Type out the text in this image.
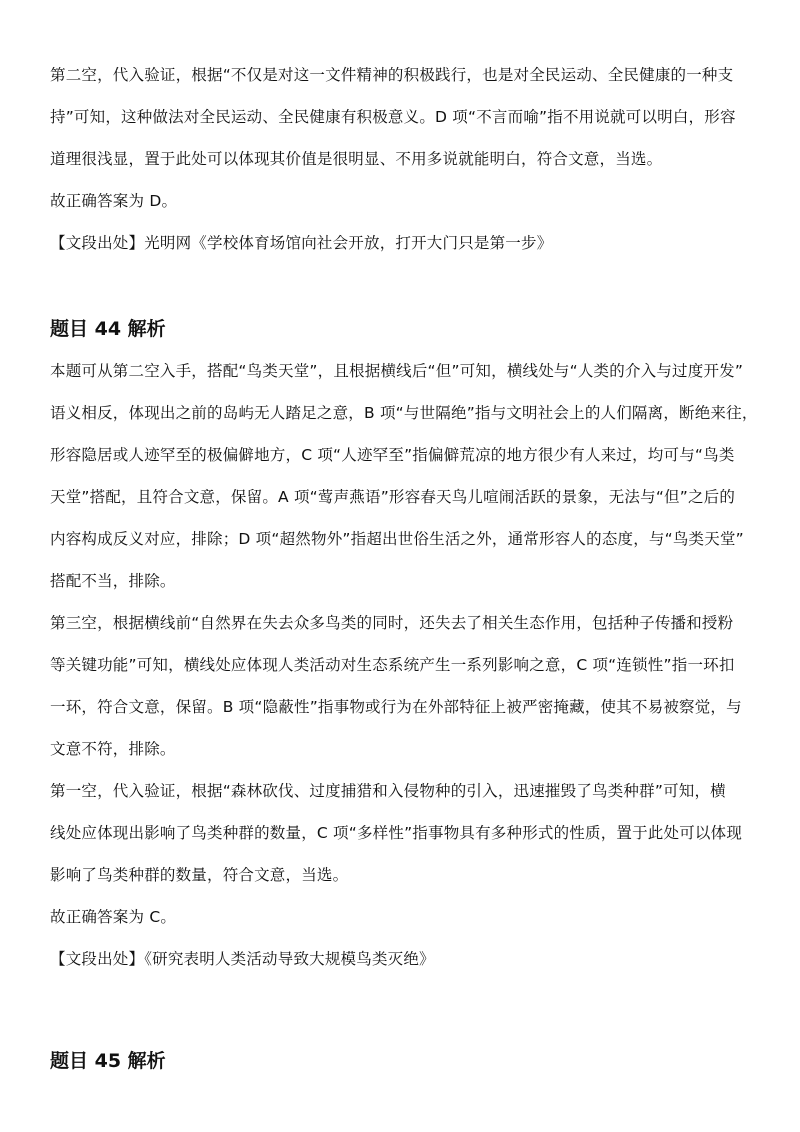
第二空，代入验证，根据“不仅是对这一文件精神的积极践行，也是对全民运动、全民健康的一种支
持”可知，这种做法对全民运动、全民健康有积极意义。D 项“不言而喻”指不用说就可以明白，形容
道理很浅显，置于此处可以体现其价值是很明显、不用多说就能明白，符合文意，当选。

故正确答案为 D。

【文段出处】光明网《学校体育场馆向社会开放，打开大门只是第一步》

题目 44 解析

本题可从第二空入手，搭配“鸟类天堂”，且根据横线后“但”可知，横线处与“人类的介入与过度开发”
语义相反，体现出之前的岛屿无人踏足之意，B 项“与世隔绝”指与文明社会上的人们隔离，断绝来往，
形容隐居或人迹罕至的极偏僻地方，C 项“人迹罕至”指偏僻荒凉的地方很少有人来过，均可与“鸟类
天堂”搭配，且符合文意，保留。A 项“莺声燕语”形容春天鸟儿喧闹活跃的景象，无法与“但”之后的
内容构成反义对应，排除；D 项“超然物外”指超出世俗生活之外，通常形容人的态度，与“鸟类天堂”
搭配不当，排除。

第三空，根据横线前“自然界在失去众多鸟类的同时，还失去了相关生态作用，包括种子传播和授粉
等关键功能”可知，横线处应体现人类活动对生态系统产生一系列影响之意，C 项“连锁性”指一环扣
一环，符合文意，保留。B 项“隐蔽性”指事物或行为在外部特征上被严密掩藏，使其不易被察觉，与
文意不符，排除。

第一空，代入验证，根据“森林砍伐、过度捕猎和入侵物种的引入，迅速摧毁了鸟类种群”可知，横
线处应体现出影响了鸟类种群的数量，C 项“多样性”指事物具有多种形式的性质，置于此处可以体现
影响了鸟类种群的数量，符合文意，当选。

故正确答案为 C。

【文段出处】《研究表明人类活动导致大规模鸟类灭绝》

题目 45 解析
